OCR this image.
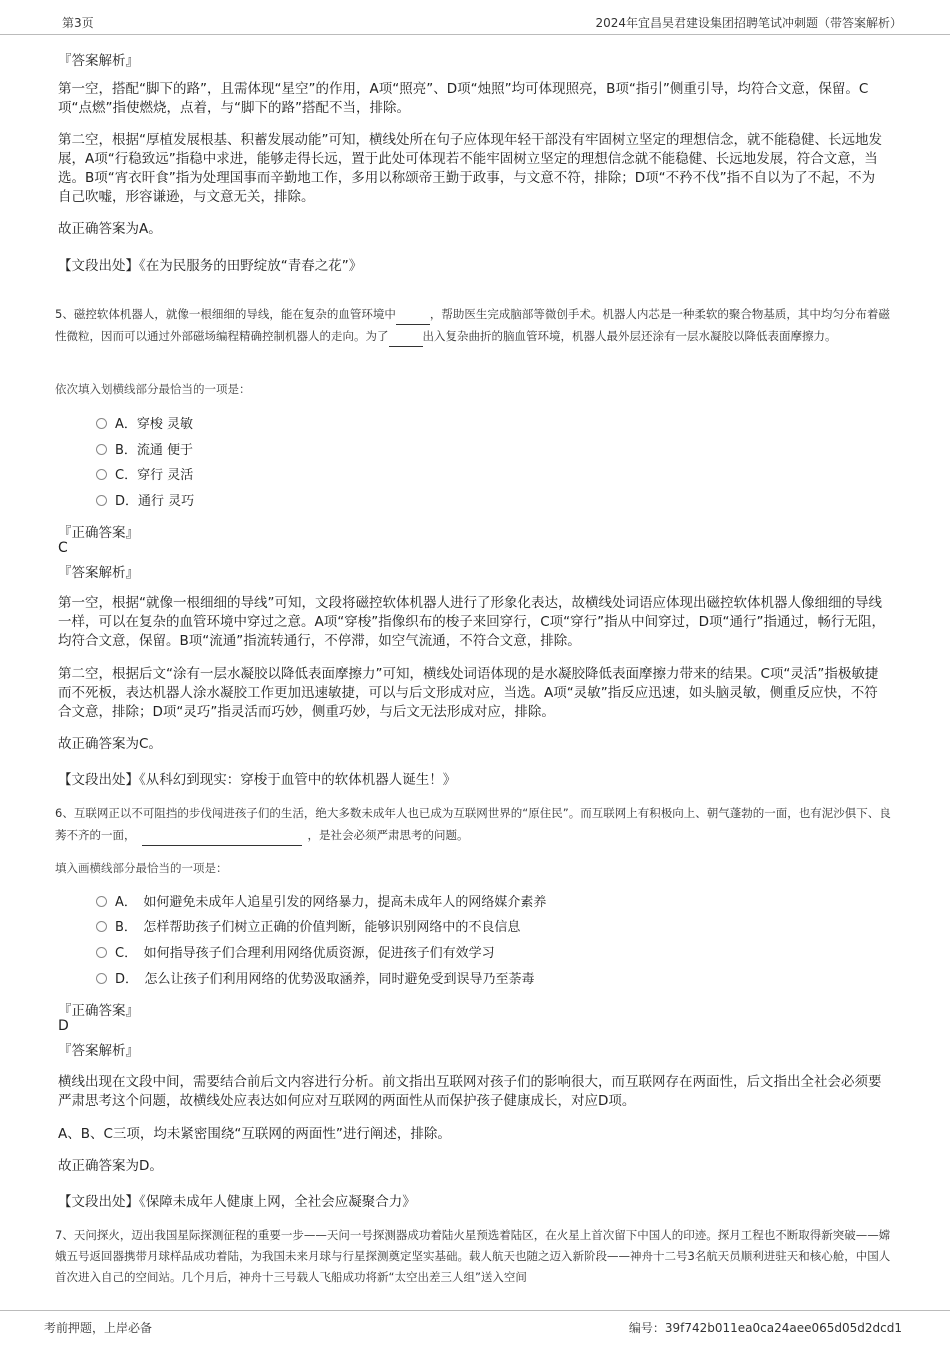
第3页	2024年宜昌昊君建设集团招聘笔试冲刺题（带答案解析）
『答案解析』
第一空，搭配“脚下的路”，且需体现“星空”的作用，A项“照亮”、D项“烛照”均可体现照亮，B项“指引”侧重引导，均符合文意，保留。C项“点燃”指使燃烧，点着，与“脚下的路”搭配不当，排除。
第二空，根据“厚植发展根基、积蓄发展动能”可知，横线处所在句子应体现年轻干部没有牢固树立坚定的理想信念，就不能稳健、长远地发展，A项“行稳致远”指稳中求进，能够走得长远，置于此处可体现若不能牢固树立坚定的理想信念就不能稳健、长远地发展，符合文意，当选。B项“宵衣旰食”指为处理国事而辛勤地工作，多用以称颂帝王勤于政事，与文意不符，排除；D项“不矜不伐”指不自以为了不起，不为自己吹嘘，形容谦逊，与文意无关，排除。
故正确答案为A。
【文段出处】《在为民服务的田野绽放“青春之花”》
5、磁控软体机器人，就像一根细细的导线，能在复杂的血管环境中	，帮助医生完成脑部等微创手术。机器人内芯是一种柔软的聚合物基质，其中均匀分布着磁性微粒，因而可以通过外部磁场编程精确控制机器人的走向。为了	出入复杂曲折的脑血管环境，机器人最外层还涂有一层水凝胶以降低表面摩擦力。
依次填入划横线部分最恰当的一项是：
A．穿梭 灵敏
B．流通 便于
C．穿行 灵活
D．通行 灵巧
『正确答案』
C
『答案解析』
第一空，根据“就像一根细细的导线”可知，文段将磁控软体机器人进行了形象化表达，故横线处词语应体现出磁控软体机器人像细细的导线一样，可以在复杂的血管环境中穿过之意。A项“穿梭”指像织布的梭子来回穿行，C项“穿行”指从中间穿过，D项“通行”指通过，畅行无阻，均符合文意，保留。B项“流通”指流转通行，不停滞，如空气流通，不符合文意，排除。
第二空，根据后文“涂有一层水凝胶以降低表面摩擦力”可知，横线处词语体现的是水凝胶降低表面摩擦力带来的结果。C项“灵活”指极敏捷而不死板，表达机器人涂水凝胶工作更加迅速敏捷，可以与后文形成对应，当选。A项“灵敏”指反应迅速，如头脑灵敏，侧重反应快，不符合文意，排除；D项“灵巧”指灵活而巧妙，侧重巧妙，与后文无法形成对应，排除。
故正确答案为C。
【文段出处】《从科幻到现实：穿梭于血管中的软体机器人诞生！》
6、互联网正以不可阻挡的步伐闯进孩子们的生活，绝大多数未成年人也已成为互联网世界的“原住民”。而互联网上有积极向上、朝气蓬勃的一面，也有泥沙俱下、良莠不齐的一面，	，是社会必须严肃思考的问题。
填入画横线部分最恰当的一项是：
A．　如何避免未成年人追星引发的网络暴力，提高未成年人的网络媒介素养
B．　怎样帮助孩子们树立正确的价值判断，能够识别网络中的不良信息
C．　如何指导孩子们合理利用网络优质资源，促进孩子们有效学习
D．　怎么让孩子们利用网络的优势汲取涵养，同时避免受到误导乃至荼毒
『正确答案』
D
『答案解析』
横线出现在文段中间，需要结合前后文内容进行分析。前文指出互联网对孩子们的影响很大，而互联网存在两面性，后文指出全社会必须要严肃思考这个问题，故横线处应表达如何应对互联网的两面性从而保护孩子健康成长，对应D项。
A、B、C三项，均未紧密围绕“互联网的两面性”进行阐述，排除。
故正确答案为D。
【文段出处】《保障未成年人健康上网，全社会应凝聚合力》
7、天问探火，迈出我国星际探测征程的重要一步——天问一号探测器成功着陆火星预选着陆区，在火星上首次留下中国人的印迹。探月工程也不断取得新突破——嫦娥五号返回器携带月球样品成功着陆，为我国未来月球与行星探测奠定坚实基础。载人航天也随之迈入新阶段——神舟十二号3名航天员顺利进驻天和核心舱，中国人首次进入自己的空间站。几个月后，神舟十三号载人飞船成功将新“太空出差三人组”送入空间
考前押题，上岸必备	编号：39f742b011ea0ca24aee065d05d2dcd1
